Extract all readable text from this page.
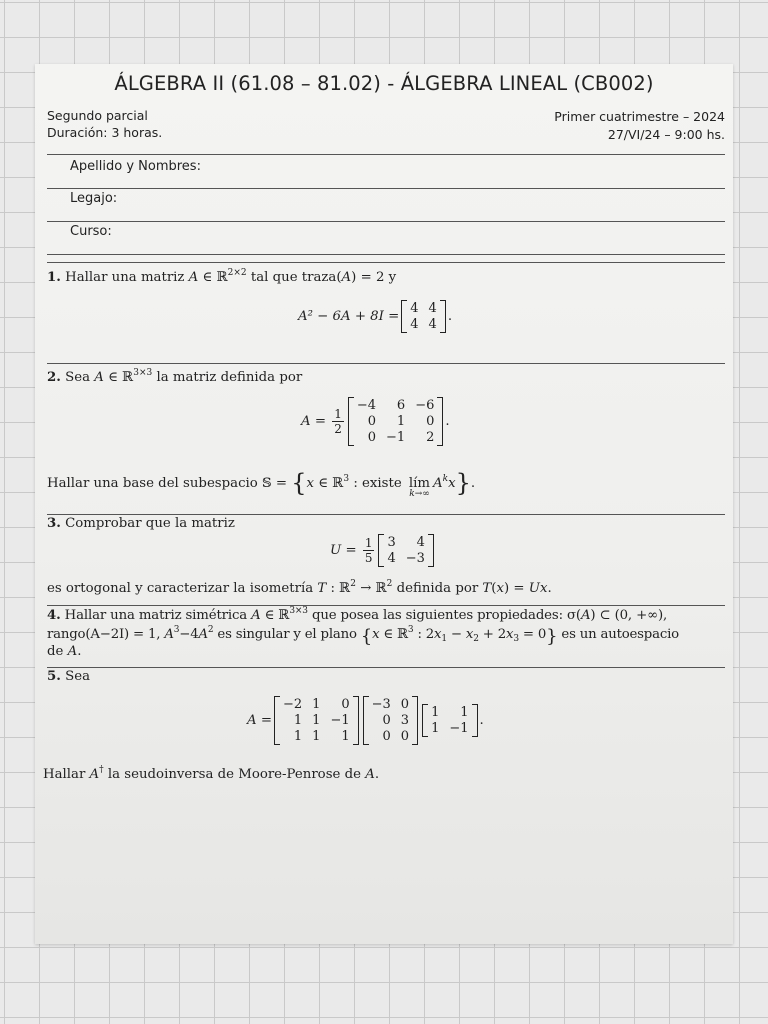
ÁLGEBRA II (61.08 – 81.02) - ÁLGEBRA LINEAL (CB002)
Segundo parcial
Duración: 3 horas.
Primer cuatrimestre – 2024
27/VI/24 – 9:00 hs.
Apellido y Nombres:
Legajo:
Curso:
1. Hallar una matriz A ∈ ℝ$^{2\times 2}$ tal que traza(A) = 2 y
A² − 6A + 8I =
4 4
4 4
.
2. Sea A ∈ ℝ$^{3\times 3}$ la matriz definida por
$A = \frac{1}{2}$
−4	6 −6
0	1	0
0 −1	2
.
Hallar una base del subespacio 𝕊 = {x ∈ ℝ$^3$ : existe lím
k→∞
$A^kx$}.
3. Comprobar que la matriz
$U = \frac{1}{5} 3$	4
4 −3
es ortogonal y caracterizar la isometría T : ℝ$^2$ → ℝ$^2$ definida por T(x) = Ux.
4. Hallar una matriz simétrica A ∈ ℝ$^{3\times 3}$ que posea las siguientes propiedades: σ(A) ⊂ (0, +∞),
rango(A−2I) = 1, $A^3-4A^2$ es singular y el plano {x ∈ ℝ$^3$ : $2x_1 - x_2 + 2x_3 = 0$} es un autoespacio
de A.
5. Sea
A =
−2 1	0
1 1 −1
1 1	1
−3 0
0 3
0 0
1	1
1 −1
.
Hallar A† la seudoinversa de Moore-Penrose de A.
